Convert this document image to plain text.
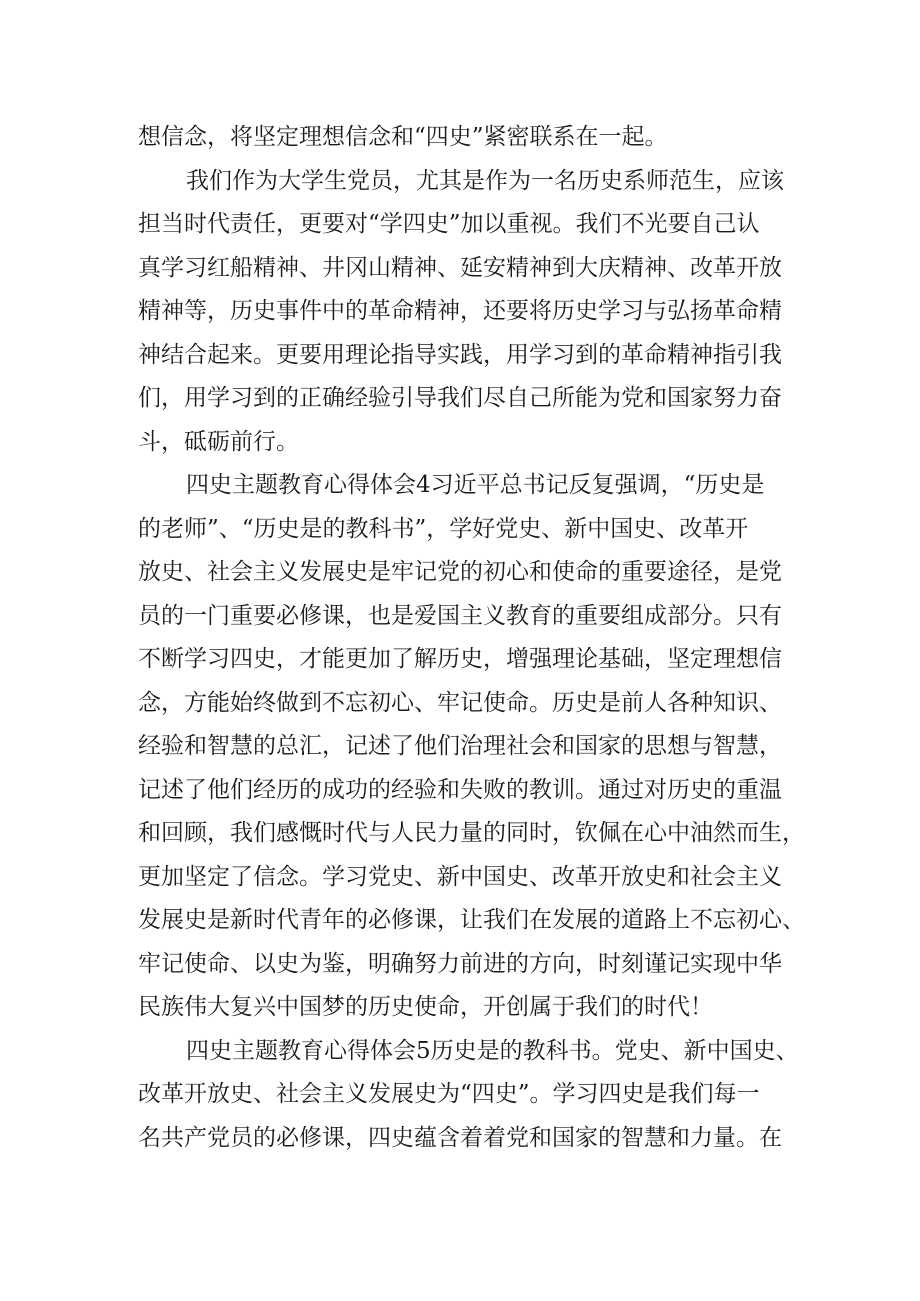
想信念，将坚定理想信念和“四史”紧密联系在一起。
我们作为大学生党员，尤其是作为一名历史系师范生，应该
担当时代责任，更要对“学四史”加以重视。我们不光要自己认
真学习红船精神、井冈山精神、延安精神到大庆精神、改革开放
精神等，历史事件中的革命精神，还要将历史学习与弘扬革命精
神结合起来。更要用理论指导实践，用学习到的革命精神指引我
们，用学习到的正确经验引导我们尽自己所能为党和国家努力奋
斗，砥砺前行。
四史主题教育心得体会4习近平总书记反复强调，“历史是
的老师”、“历史是的教科书”，学好党史、新中国史、改革开
放史、社会主义发展史是牢记党的初心和使命的重要途径，是党
员的一门重要必修课，也是爱国主义教育的重要组成部分。只有
不断学习四史，才能更加了解历史，增强理论基础，坚定理想信
念，方能始终做到不忘初心、牢记使命。历史是前人各种知识、
经验和智慧的总汇，记述了他们治理社会和国家的思想与智慧，
记述了他们经历的成功的经验和失败的教训。通过对历史的重温
和回顾，我们感慨时代与人民力量的同时，钦佩在心中油然而生，
更加坚定了信念。学习党史、新中国史、改革开放史和社会主义
发展史是新时代青年的必修课，让我们在发展的道路上不忘初心、
牢记使命、以史为鉴，明确努力前进的方向，时刻谨记实现中华
民族伟大复兴中国梦的历史使命，开创属于我们的时代！
四史主题教育心得体会5历史是的教科书。党史、新中国史、
改革开放史、社会主义发展史为“四史”。学习四史是我们每一
名共产党员的必修课，四史蕴含着着党和国家的智慧和力量。在
